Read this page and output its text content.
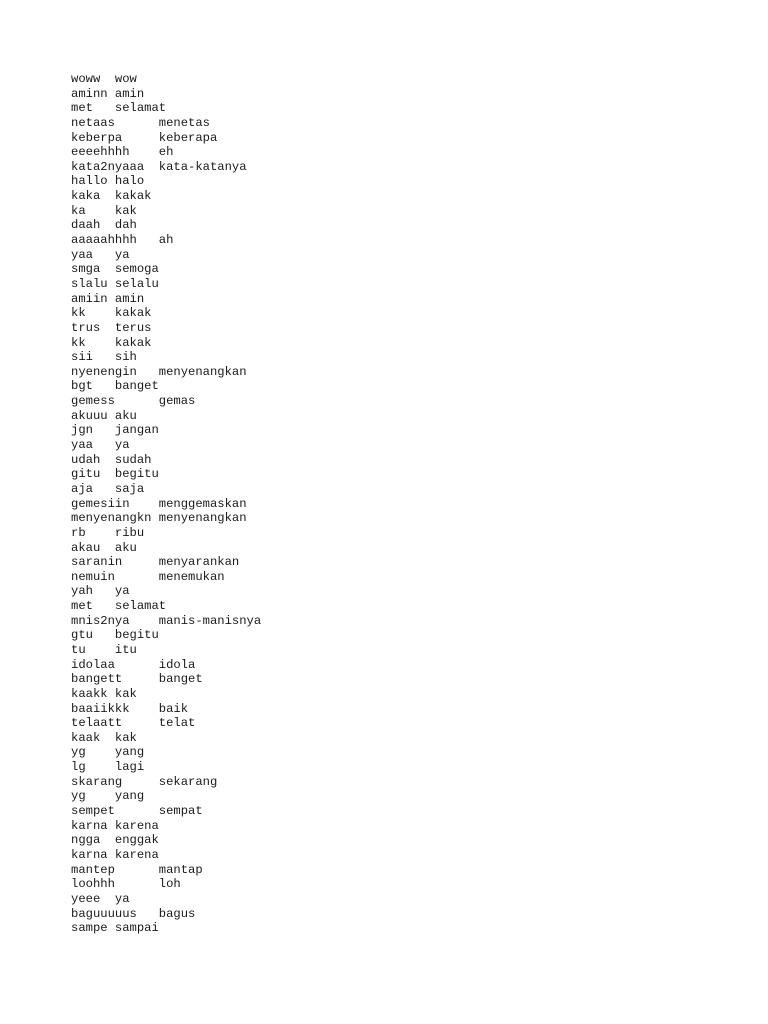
woww	wow
aminn	amin
met	selamat
netaas	menetas
keberpa	keberapa
eeeehhhh	eh
kata2nyaaa	kata-katanya
hallo	halo
kaka	kakak
ka	kak
daah	dah
aaaaahhhh	ah
yaa	ya
smga	semoga
slalu	selalu
amiin	amin
kk	kakak
trus	terus
kk	kakak
sii	sih
nyenengin	menyenangkan
bgt	banget
gemess	gemas
akuuu	aku
jgn	jangan
yaa	ya
udah	sudah
gitu	begitu
aja	saja
gemesiin	menggemaskan
menyenangkn	menyenangkan
rb	ribu
akau	aku
saranin	menyarankan
nemuin	menemukan
yah	ya
met	selamat
mnis2nya	manis-manisnya
gtu	begitu
tu	itu
idolaa	idola
bangett	banget
kaakk	kak
baaiikkk	baik
telaatt	telat
kaak	kak
yg	yang
lg	lagi
skarang	sekarang
yg	yang
sempet	sempat
karna	karena
ngga	enggak
karna	karena
mantep	mantap
loohhh	loh
yeee	ya
baguuuuus	bagus
sampe	sampai
